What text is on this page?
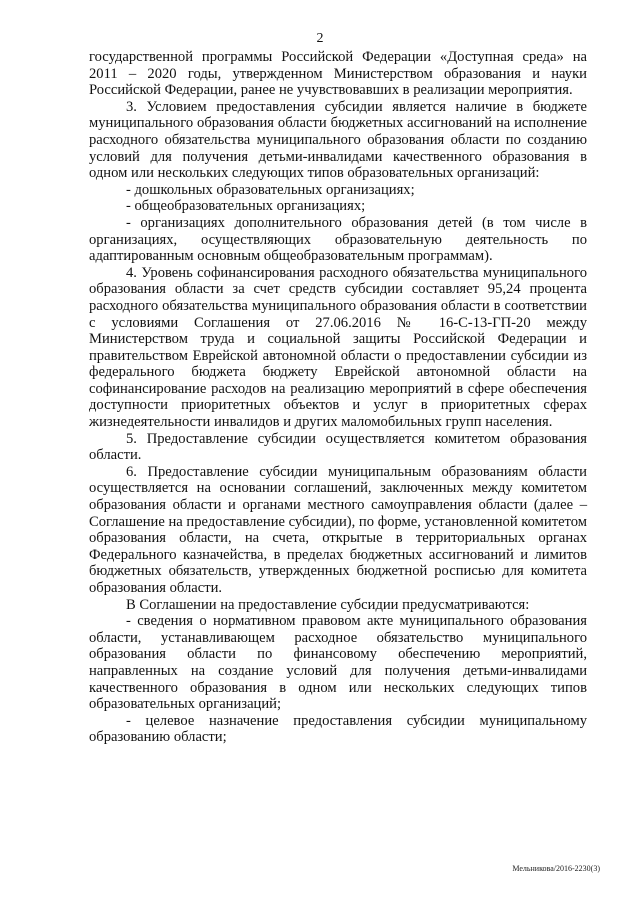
2

государственной программы Российской Федерации «Доступная среда» на 2011 – 2020 годы, утвержденном Министерством образования и науки Российской Федерации, ранее не учувствовавших в реализации мероприятия.

3. Условием предоставления субсидии является наличие в бюджете муниципального образования области бюджетных ассигнований на исполнение расходного обязательства муниципального образования области по созданию условий для получения детьми-инвалидами качественного образования в одном или нескольких следующих типов образовательных организаций:

- дошкольных образовательных организациях;

- общеобразовательных организациях;

- организациях дополнительного образования детей (в том числе в организациях, осуществляющих образовательную деятельность по адаптированным основным общеобразовательным программам).

4. Уровень софинансирования расходного обязательства муниципального образования области за счет средств субсидии составляет 95,24 процента расходного обязательства муниципального образования области в соответствии с условиями Соглашения от 27.06.2016 № 16-С-13-ГП-20 между Министерством труда и социальной защиты Российской Федерации и правительством Еврейской автономной области о предоставлении субсидии из федерального бюджета бюджету Еврейской автономной области на софинансирование расходов на реализацию мероприятий в сфере обеспечения доступности приоритетных объектов и услуг в приоритетных сферах жизнедеятельности инвалидов и других маломобильных групп населения.

5. Предоставление субсидии осуществляется комитетом образования области.

6. Предоставление субсидии муниципальным образованиям области осуществляется на основании соглашений, заключенных между комитетом образования области и органами местного самоуправления области (далее – Соглашение на предоставление субсидии), по форме, установленной комитетом образования области, на счета, открытые в территориальных органах Федерального казначейства, в пределах бюджетных ассигнований и лимитов бюджетных обязательств, утвержденных бюджетной росписью для комитета образования области.

В Соглашении на предоставление субсидии предусматриваются:

- сведения о нормативном правовом акте муниципального образования области, устанавливающем расходное обязательство муниципального образования области по финансовому обеспечению мероприятий, направленных на создание условий для получения детьми-инвалидами качественного образования в одном или нескольких следующих типов образовательных организаций;

- целевое назначение предоставления субсидии муниципальному образованию области;

Мельникова/2016-2230(3)
